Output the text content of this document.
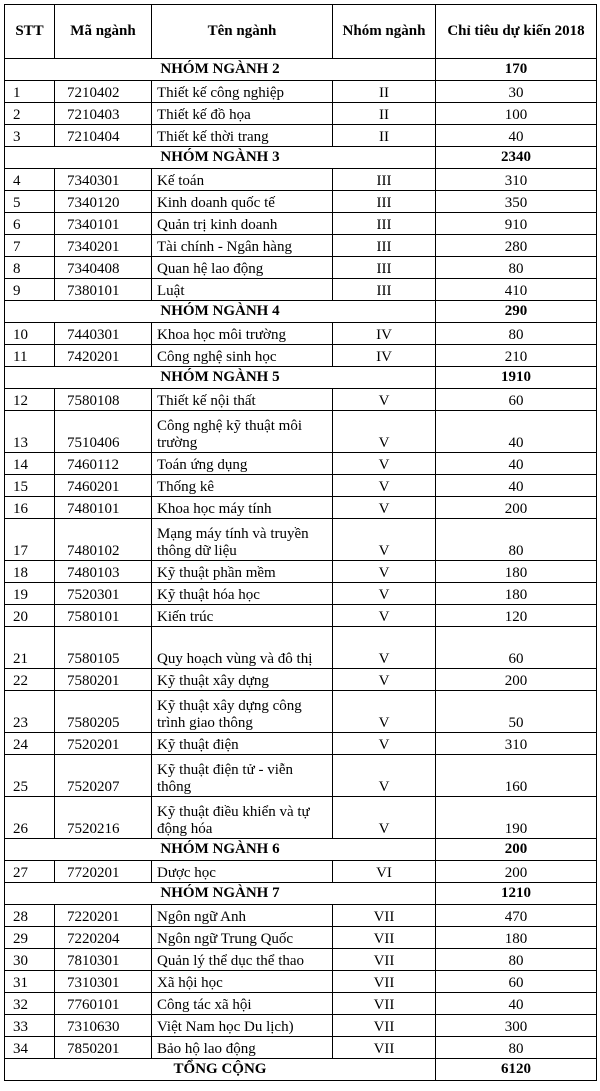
STT	Mã ngành	Tên ngành	Nhóm ngành	Chỉ tiêu dự kiến 2018
NHÓM NGÀNH 2				170
1	7210402	Thiết kế công nghiệp	II	30
2	7210403	Thiết kế đồ họa	II	100
3	7210404	Thiết kế thời trang	II	40
NHÓM NGÀNH 3				2340
4	7340301	Kế toán	III	310
5	7340120	Kinh doanh quốc tế	III	350
6	7340101	Quản trị kinh doanh	III	910
7	7340201	Tài chính - Ngân hàng	III	280
8	7340408	Quan hệ lao động	III	80
9	7380101	Luật	III	410
NHÓM NGÀNH 4				290
10	7440301	Khoa học môi trường	IV	80
11	7420201	Công nghệ sinh học	IV	210
NHÓM NGÀNH 5				1910
12	7580108	Thiết kế nội thất	V	60
13	7510406	Công nghệ kỹ thuật môi trường	V	40
14	7460112	Toán ứng dụng	V	40
15	7460201	Thống kê	V	40
16	7480101	Khoa học máy tính	V	200
17	7480102	Mạng máy tính và truyền thông dữ liệu	V	80
18	7480103	Kỹ thuật phần mềm	V	180
19	7520301	Kỹ thuật hóa học	V	180
20	7580101	Kiến trúc	V	120
21	7580105	Quy hoạch vùng và đô thị	V	60
22	7580201	Kỹ thuật xây dựng	V	200
23	7580205	Kỹ thuật xây dựng công trình giao thông	V	50
24	7520201	Kỹ thuật điện	V	310
25	7520207	Kỹ thuật điện tử - viễn thông	V	160
26	7520216	Kỹ thuật điều khiển và tự động hóa	V	190
NHÓM NGÀNH 6				200
27	7720201	Dược học	VI	200
NHÓM NGÀNH 7				1210
28	7220201	Ngôn ngữ Anh	VII	470
29	7220204	Ngôn ngữ Trung Quốc	VII	180
30	7810301	Quản lý thể dục thể thao	VII	80
31	7310301	Xã hội học	VII	60
32	7760101	Công tác xã hội	VII	40
33	7310630	Việt Nam học Du lịch)	VII	300
34	7850201	Bảo hộ lao động	VII	80
TỔNG CỘNG				6120
